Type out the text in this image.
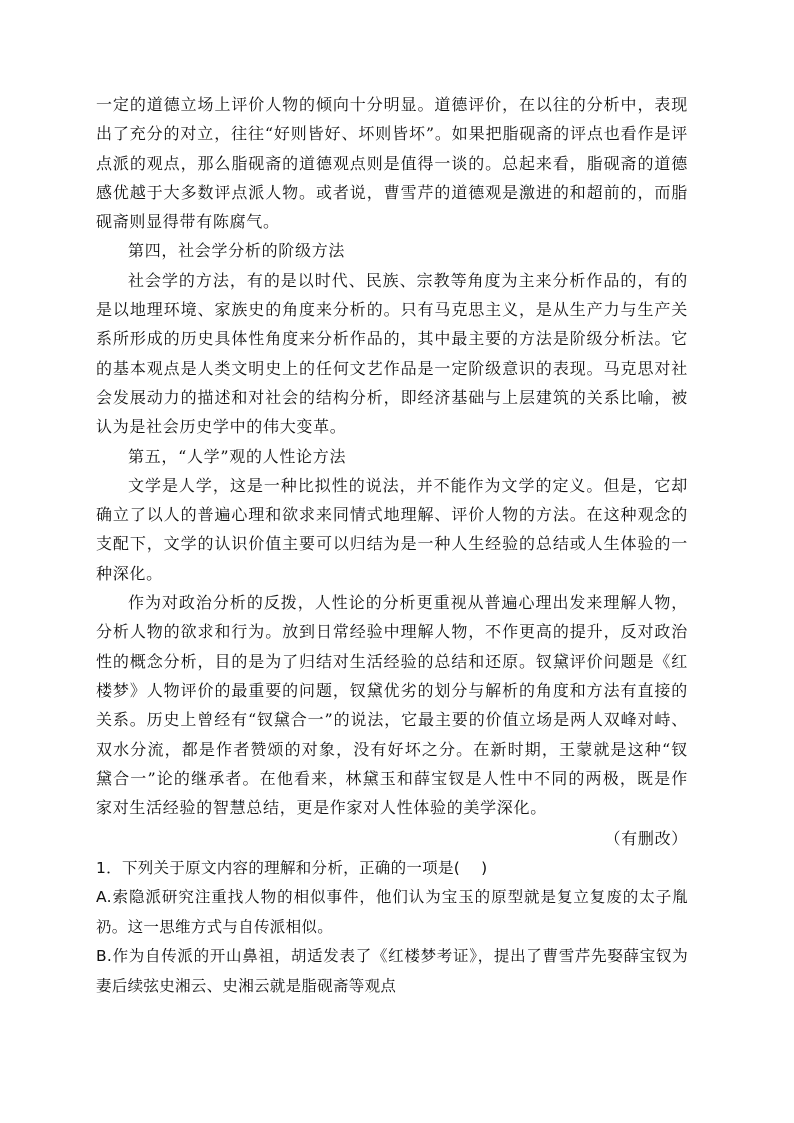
一定的道德立场上评价人物的倾向十分明显。道德评价，在以往的分析中，表现出了充分的对立，往往“好则皆好、坏则皆坏”。如果把脂砚斋的评点也看作是评点派的观点，那么脂砚斋的道德观点则是值得一谈的。总起来看，脂砚斋的道德感优越于大多数评点派人物。或者说，曹雪芹的道德观是激进的和超前的，而脂砚斋则显得带有陈腐气。

第四，社会学分析的阶级方法

社会学的方法，有的是以时代、民族、宗教等角度为主来分析作品的，有的是以地理环境、家族史的角度来分析的。只有马克思主义，是从生产力与生产关系所形成的历史具体性角度来分析作品的，其中最主要的方法是阶级分析法。它的基本观点是人类文明史上的任何文艺作品是一定阶级意识的表现。马克思对社会发展动力的描述和对社会的结构分析，即经济基础与上层建筑的关系比喻，被认为是社会历史学中的伟大变革。

第五，“人学”观的人性论方法

文学是人学，这是一种比拟性的说法，并不能作为文学的定义。但是，它却确立了以人的普遍心理和欲求来同情式地理解、评价人物的方法。在这种观念的支配下，文学的认识价值主要可以归结为是一种人生经验的总结或人生体验的一种深化。

作为对政治分析的反拨，人性论的分析更重视从普遍心理出发来理解人物，分析人物的欲求和行为。放到日常经验中理解人物，不作更高的提升，反对政治性的概念分析，目的是为了归结对生活经验的总结和还原。钗黛评价问题是《红楼梦》人物评价的最重要的问题，钗黛优劣的划分与解析的角度和方法有直接的关系。历史上曾经有“钗黛合一”的说法，它最主要的价值立场是两人双峰对峙、双水分流，都是作者赞颂的对象，没有好坏之分。在新时期，王蒙就是这种“钗黛合一”论的继承者。在他看来，林黛玉和薛宝钗是人性中不同的两极，既是作家对生活经验的智慧总结，更是作家对人性体验的美学深化。

（有删改）

1．下列关于原文内容的理解和分析，正确的一项是(　 )

A.索隐派研究注重找人物的相似事件，他们认为宝玉的原型就是复立复废的太子胤礽。这一思维方式与自传派相似。

B.作为自传派的开山鼻祖，胡适发表了《红楼梦考证》，提出了曹雪芹先娶薛宝钗为妻后续弦史湘云、史湘云就是脂砚斋等观点
